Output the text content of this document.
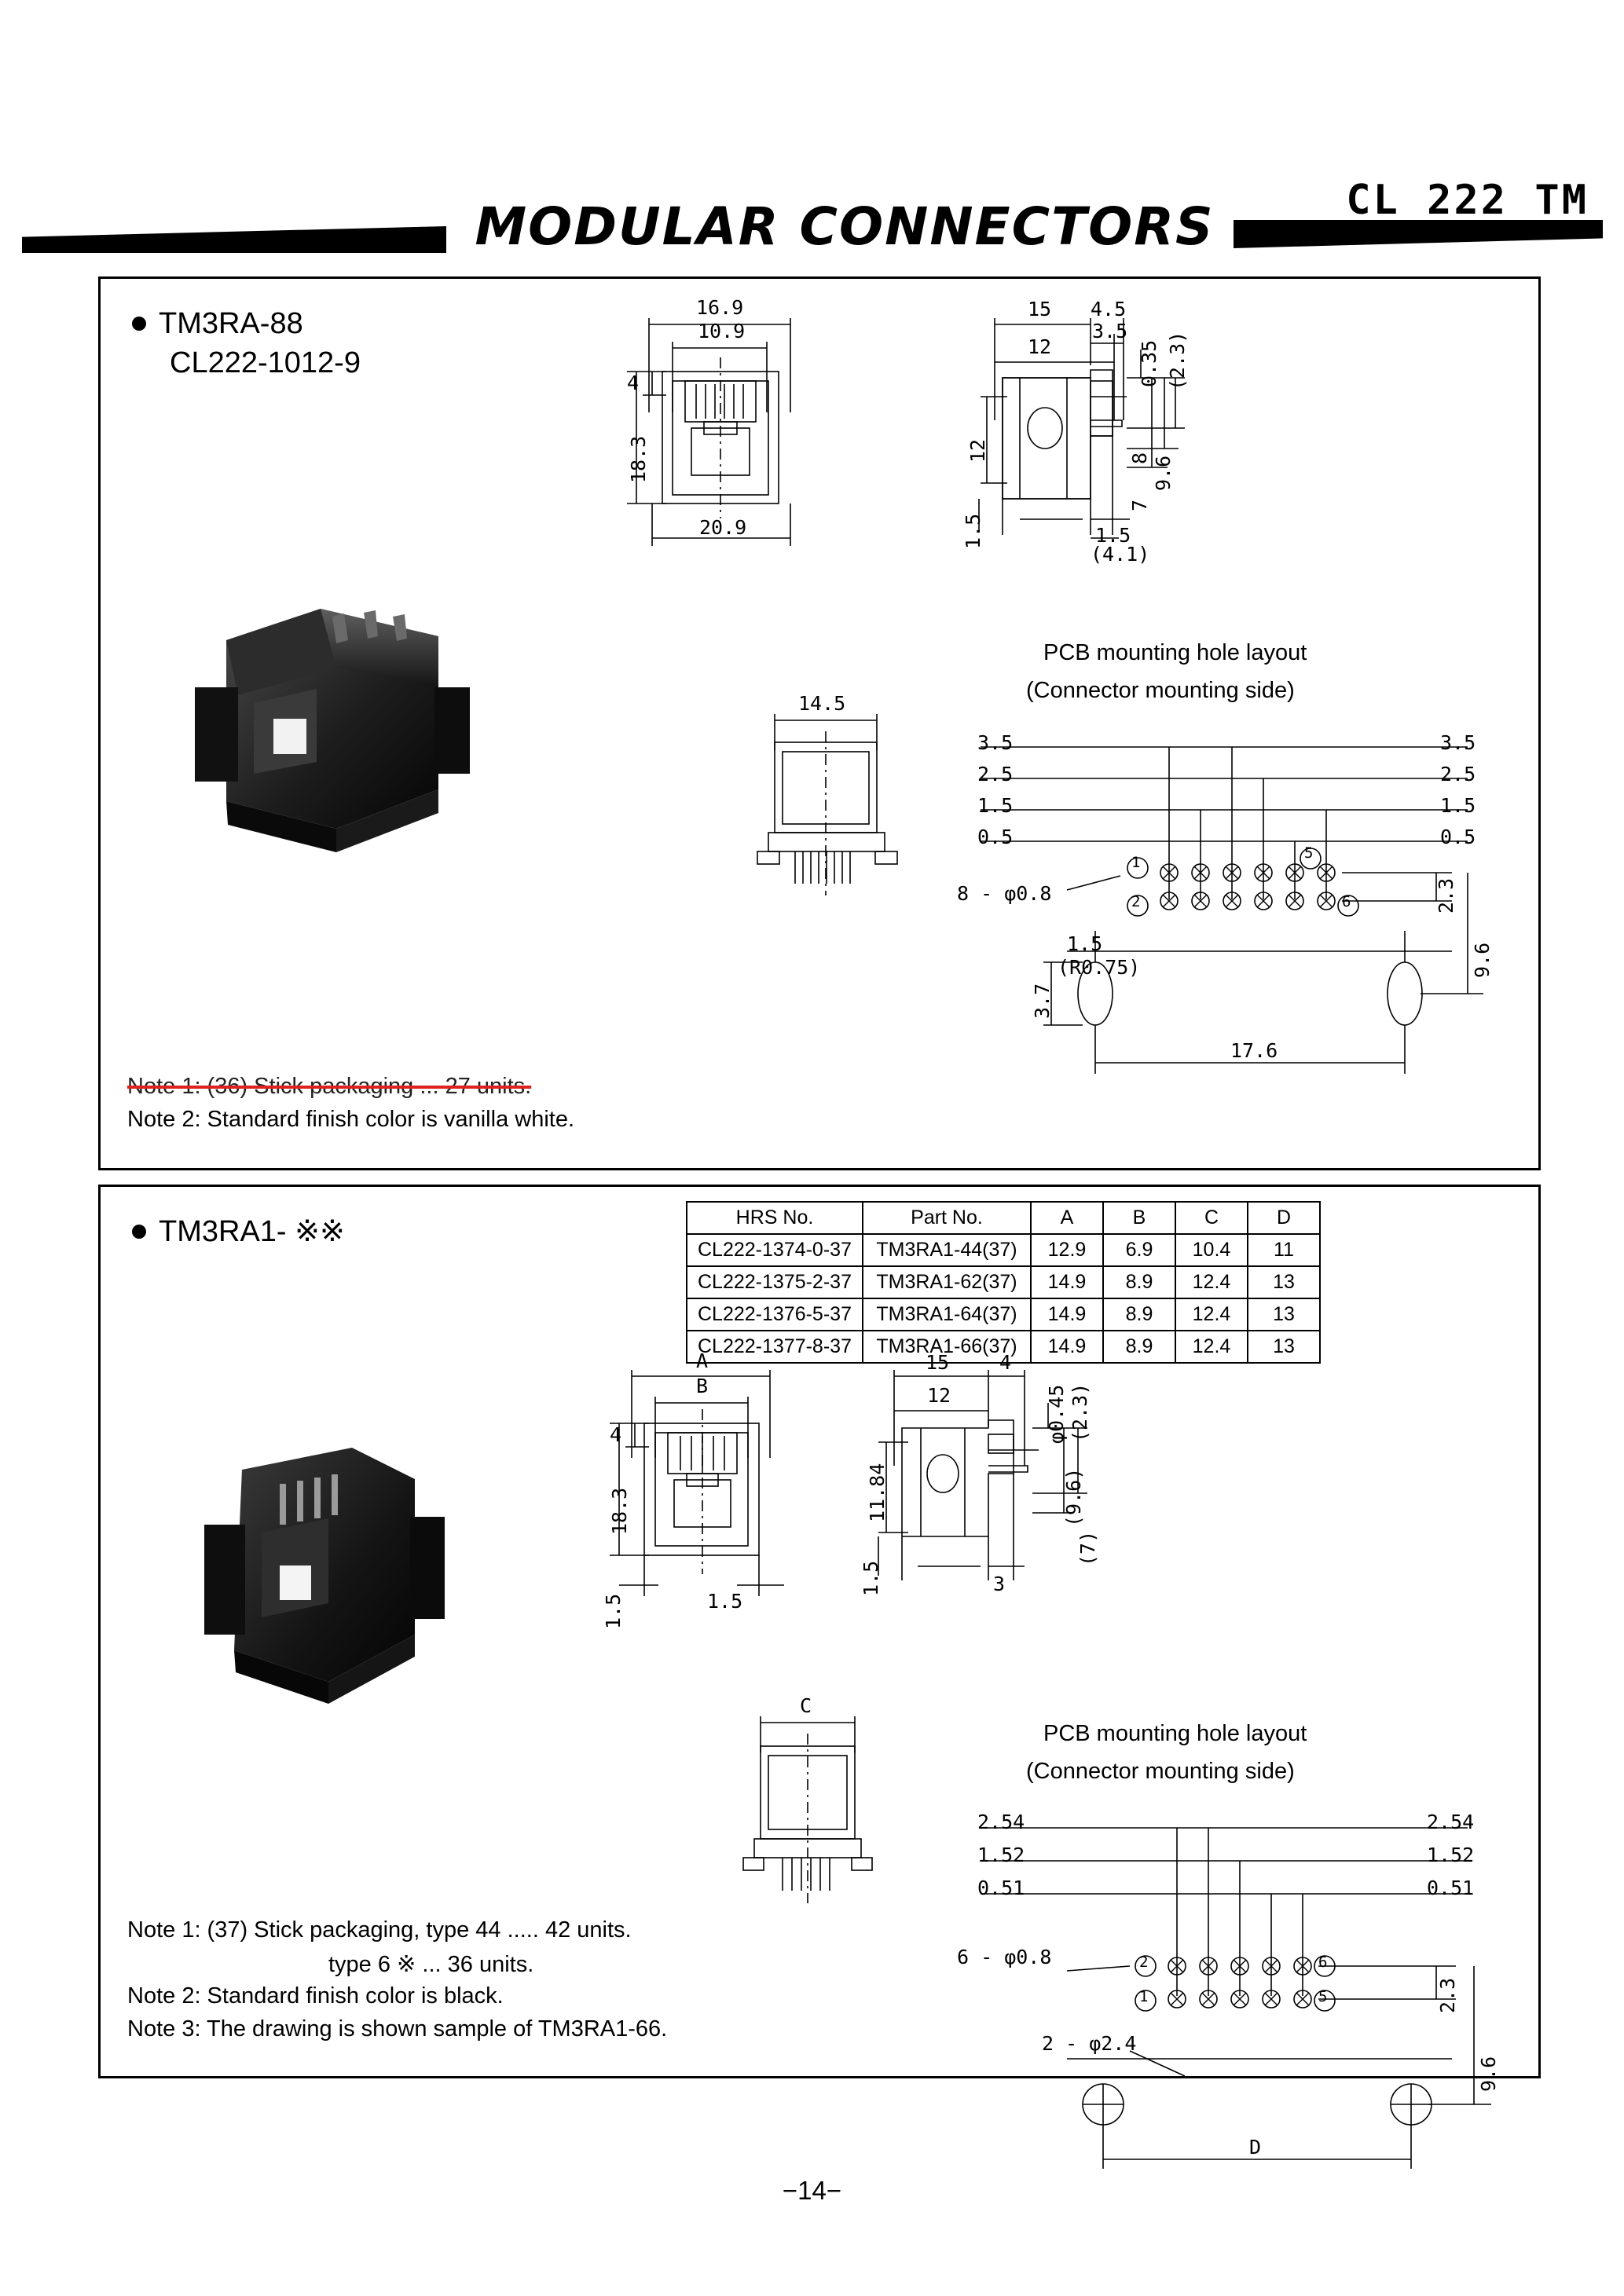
MODULAR CONNECTORS	CL 222 TM
TM3RA-88
CL222-1012-9
16.9
10.9
4
18.3
20.9
15 4.5
12
3.5
0.35 (2.3)
9.6
8
7
12
1.5	1.5
(4.1)
14.5
PCB mounting hole layout
(Connector mounting side)
3.5
2.5
1.5
0.5
3.5
2.5
1.5
0.5
8 - φ0.8
1.5
(R0.75)
3.7
2.3
9.6
17.6
1
2
5
6
Note 1: (36) Stick packaging ... 27 units.
Note 2: Standard finish color is vanilla white.
TM3RA1- ※※	HRS No.	Part No.	A	B	C	D
CL222-1374-0-37	TM3RA1-44(37)	12.9	6.9	10.4	11
CL222-1375-2-37	TM3RA1-62(37)	14.9	8.9	12.4	13
CL222-1376-5-37	TM3RA1-64(37)	14.9	8.9	12.4	13
CL222-1377-8-37	TM3RA1-66(37)	14.9	8.9	12.4	13
A
B
4
18.3
1.5	1.5
15	4
12	φ0.45 (2.3)
(9.6)
11.84
(7)
3
1.5
C
PCB mounting hole layout
(Connector mounting side)
2.54
1.52
0.51
2.54
1.52
0.51
6 - φ0.8
2 - φ2.4
2.3
9.6
D
2
1
6
5
Note 1: (37) Stick packaging, type 44 ..... 42 units.
type 6 ※ ... 36 units.
Note 2: Standard finish color is black.
Note 3: The drawing is shown sample of TM3RA1-66.
−14−
